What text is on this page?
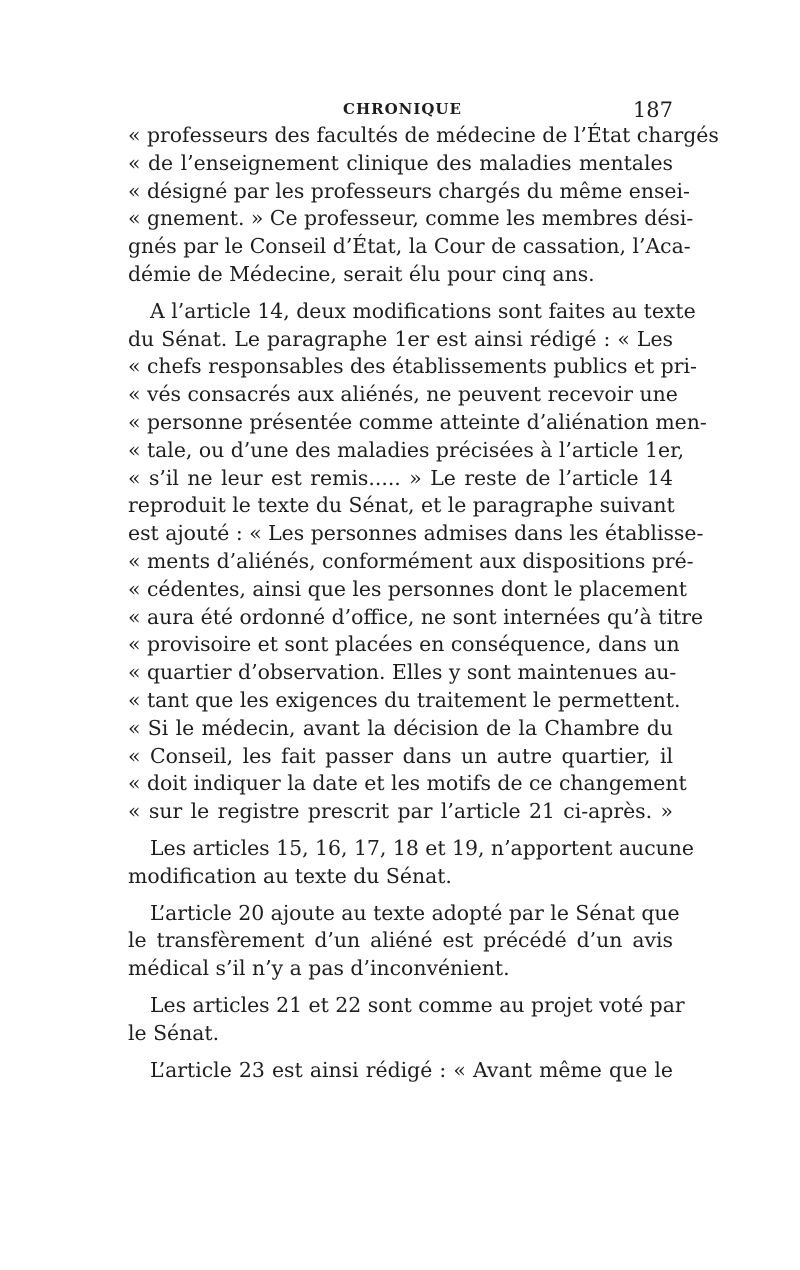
CHRONIQUE	187
« professeurs des facultés de médecine de l’État chargés
« de l’enseignement clinique des maladies mentales
« désigné par les professeurs chargés du même ensei-
« gnement. » Ce professeur, comme les membres dési-
gnés par le Conseil d’État, la Cour de cassation, l’Aca-
démie de Médecine, serait élu pour cinq ans.
A l’article 14, deux modifications sont faites au texte
du Sénat. Le paragraphe 1er est ainsi rédigé : « Les
« chefs responsables des établissements publics et pri-
« vés consacrés aux aliénés, ne peuvent recevoir une
« personne présentée comme atteinte d’aliénation men-
« tale, ou d’une des maladies précisées à l’article 1er,
« s’il ne leur est remis..... » Le reste de l’article 14
reproduit le texte du Sénat, et le paragraphe suivant
est ajouté : « Les personnes admises dans les établisse-
« ments d’aliénés, conformément aux dispositions pré-
« cédentes, ainsi que les personnes dont le placement
« aura été ordonné d’office, ne sont internées qu’à titre
« provisoire et sont placées en conséquence, dans un
« quartier d’observation. Elles y sont maintenues au-
« tant que les exigences du traitement le permettent.
« Si le médecin, avant la décision de la Chambre du
« Conseil, les fait passer dans un autre quartier, il
« doit indiquer la date et les motifs de ce changement
« sur le registre prescrit par l’article 21 ci-après. »
Les articles 15, 16, 17, 18 et 19, n’apportent aucune
modification au texte du Sénat.
L’article 20 ajoute au texte adopté par le Sénat que
le transfèrement d’un aliéné est précédé d’un avis
médical s’il n’y a pas d’inconvénient.
Les articles 21 et 22 sont comme au projet voté par
le Sénat.
L’article 23 est ainsi rédigé : « Avant même que le
